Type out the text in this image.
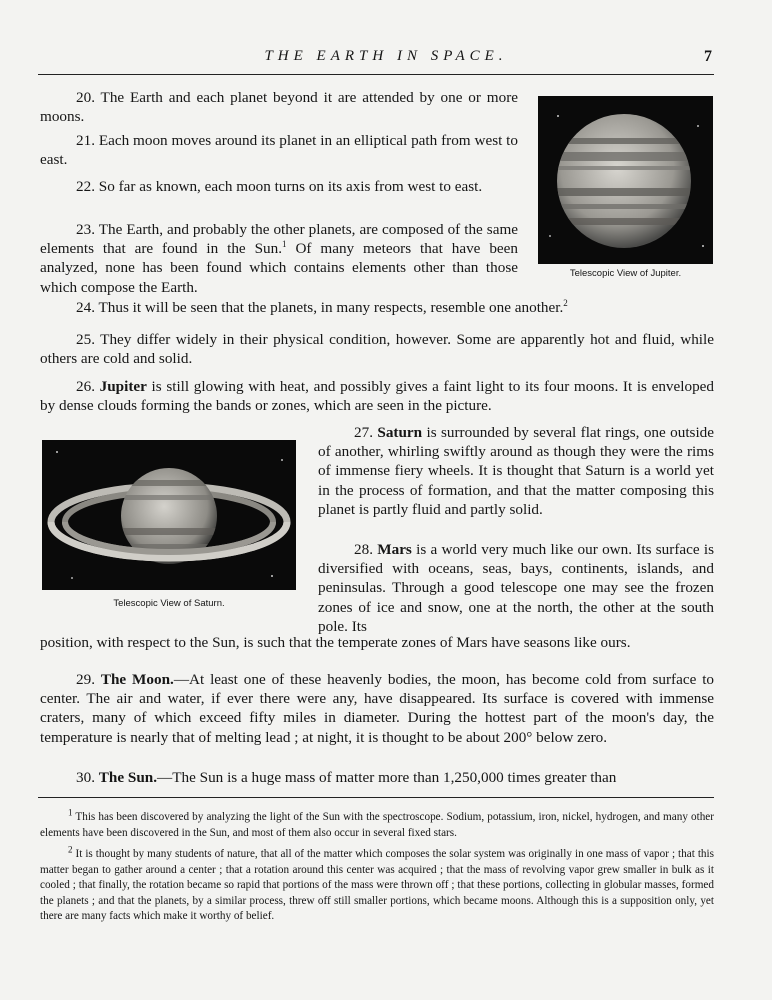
THE EARTH IN SPACE.	7
Telescopic View of Jupiter.
Telescopic View of Saturn.

20. The Earth and each planet beyond it are attended by one or more moons.

21. Each moon moves around its planet in an elliptical path from west to east.

22. So far as known, each moon turns on its axis from west to east.

23. The Earth, and probably the other planets, are composed of the same elements that are found in the Sun.$^1$ Of many meteors that have been analyzed, none has been found which contains elements other than those which compose the Earth.

24. Thus it will be seen that the planets, in many respects, resemble one another.$^2$

25. They differ widely in their physical condition, however. Some are apparently hot and fluid, while others are cold and solid.

26. Jupiter is still glowing with heat, and possibly gives a faint light to its four moons. It is enveloped by dense clouds forming the bands or zones, which are seen in the picture.

27. Saturn is surrounded by several flat rings, one outside of another, whirling swiftly around as though they were the rims of immense fiery wheels. It is thought that Saturn is a world yet in the process of formation, and that the matter composing this planet is partly fluid and partly solid.

28. Mars is a world very much like our own. Its surface is diversified with oceans, seas, bays, continents, islands, and peninsulas. Through a good telescope one may see the frozen zones of ice and snow, one at the north, the other at the south pole. Its

position, with respect to the Sun, is such that the temperate zones of Mars have seasons like ours.

29. The Moon.—At least one of these heavenly bodies, the moon, has become cold from surface to center. The air and water, if ever there were any, have disappeared. Its surface is covered with immense craters, many of which exceed fifty miles in diameter. During the hottest part of the moon's day, the temperature is nearly that of melting lead ; at night, it is thought to be about 200° below zero.

30. The Sun.—The Sun is a huge mass of matter more than 1,250,000 times greater than

$^1$ This has been discovered by analyzing the light of the Sun with the spectroscope. Sodium, potassium, iron, nickel, hydrogen, and many other elements have been discovered in the Sun, and most of them also occur in several fixed stars.

$^2$ It is thought by many students of nature, that all of the matter which composes the solar system was originally in one mass of vapor ; that this matter began to gather around a center ; that a rotation around this center was acquired ; that the mass of revolving vapor grew smaller in bulk as it cooled ; that finally, the rotation became so rapid that portions of the mass were thrown off ; that these portions, collecting in globular masses, formed the planets ; and that the planets, by a similar process, threw off still smaller portions, which became moons. Although this is a supposition only, yet there are many facts which make it worthy of belief.
